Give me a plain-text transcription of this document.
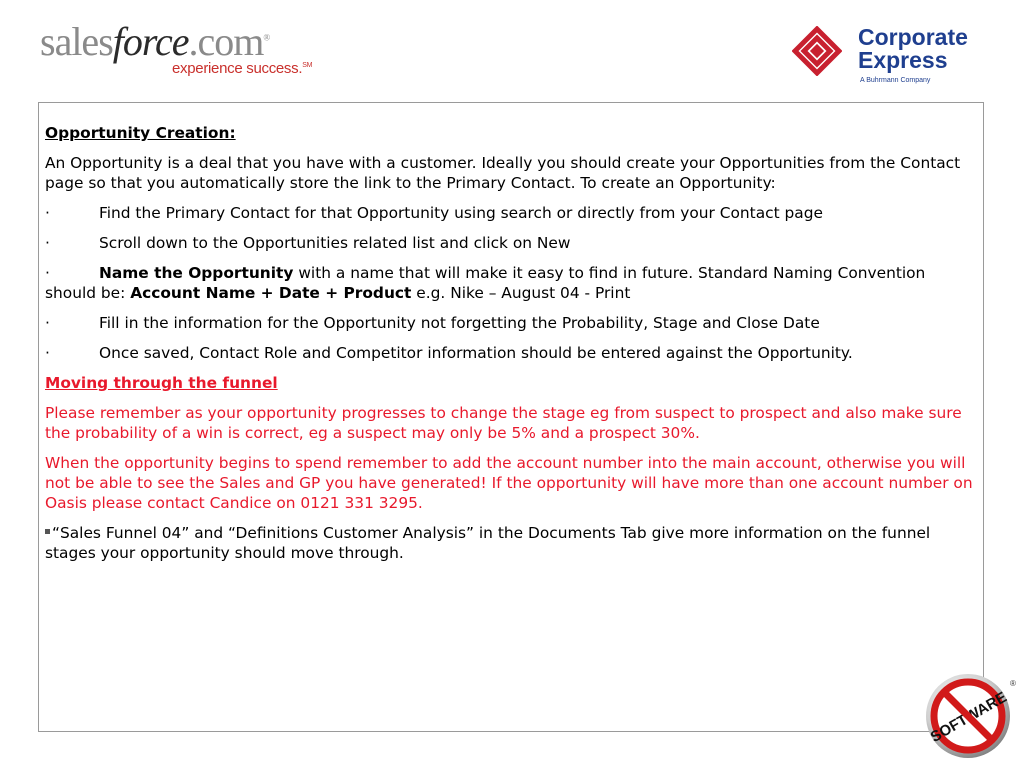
salesforce.com®
experience success.℠
Corporate
Express
A Buhrmann Company

Opportunity Creation:

An Opportunity is a deal that you have with a customer. Ideally you should create your Opportunities from the Contact page so that you automatically store the link to the Primary Contact. To create an Opportunity:

·	Find the Primary Contact for that Opportunity using search or directly from your Contact page

·	Scroll down to the Opportunities related list and click on New

·	Name the Opportunity with a name that will make it easy to find in future. Standard Naming Convention should be: Account Name + Date + Product e.g. Nike – August 04 - Print

·	Fill in the information for the Opportunity not forgetting the Probability, Stage and Close Date

·	Once saved, Contact Role and Competitor information should be entered against the Opportunity.

Moving through the funnel

Please remember as your opportunity progresses to change the stage eg from suspect to prospect and also make sure the probability of a win is correct, eg a suspect may only be 5% and a prospect 30%.

When the opportunity begins to spend remember to add the account number into the main account, otherwise you will not be able to see the Sales and GP you have generated! If the opportunity will have more than one account number on Oasis please contact Candice on 0121 331 3295.

“Sales Funnel 04” and “Definitions Customer Analysis” in the Documents Tab give more information on the funnel stages your opportunity should move through.

®
